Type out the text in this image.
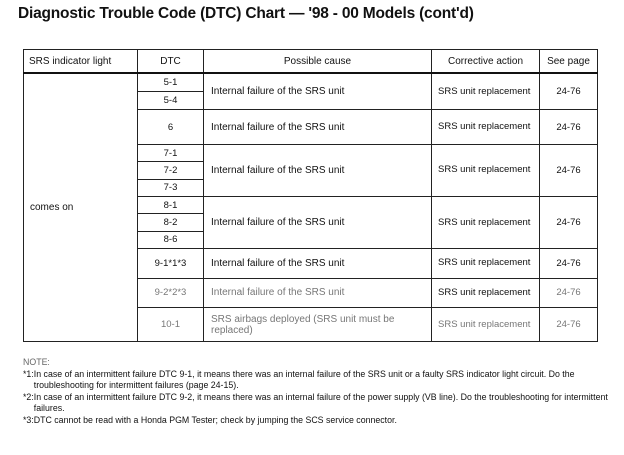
Diagnostic Trouble Code (DTC) Chart — '98 - 00 Models (cont'd)
SRS indicator light	DTC	Possible cause	Corrective action	See page
comes on	5-1	Internal failure of the SRS unit	SRS unit replacement	24-76
	5-4			
	6	Internal failure of the SRS unit	SRS unit replacement	24-76
	7-1	Internal failure of the SRS unit	SRS unit replacement	24-76
	7-2			
	7-3			
	8-1	Internal failure of the SRS unit	SRS unit replacement	24-76
	8-2			
	8-6			
	9-1*1*3	Internal failure of the SRS unit	SRS unit replacement	24-76
	9-2*2*3	Internal failure of the SRS unit	SRS unit replacement	24-76
	10-1	SRS airbags deployed (SRS unit must be replaced)	SRS unit replacement	24-76
NOTE:
*1: In case of an intermittent failure DTC 9-1, it means there was an internal failure of the SRS unit or a faulty SRS indicator light circuit. Do the troubleshooting for intermittent failures (page 24-15).
*2: In case of an intermittent failure DTC 9-2, it means there was an internal failure of the power supply (VB line). Do the troubleshooting for intermittent failures.
*3: DTC cannot be read with a Honda PGM Tester; check by jumping the SCS service connector.
